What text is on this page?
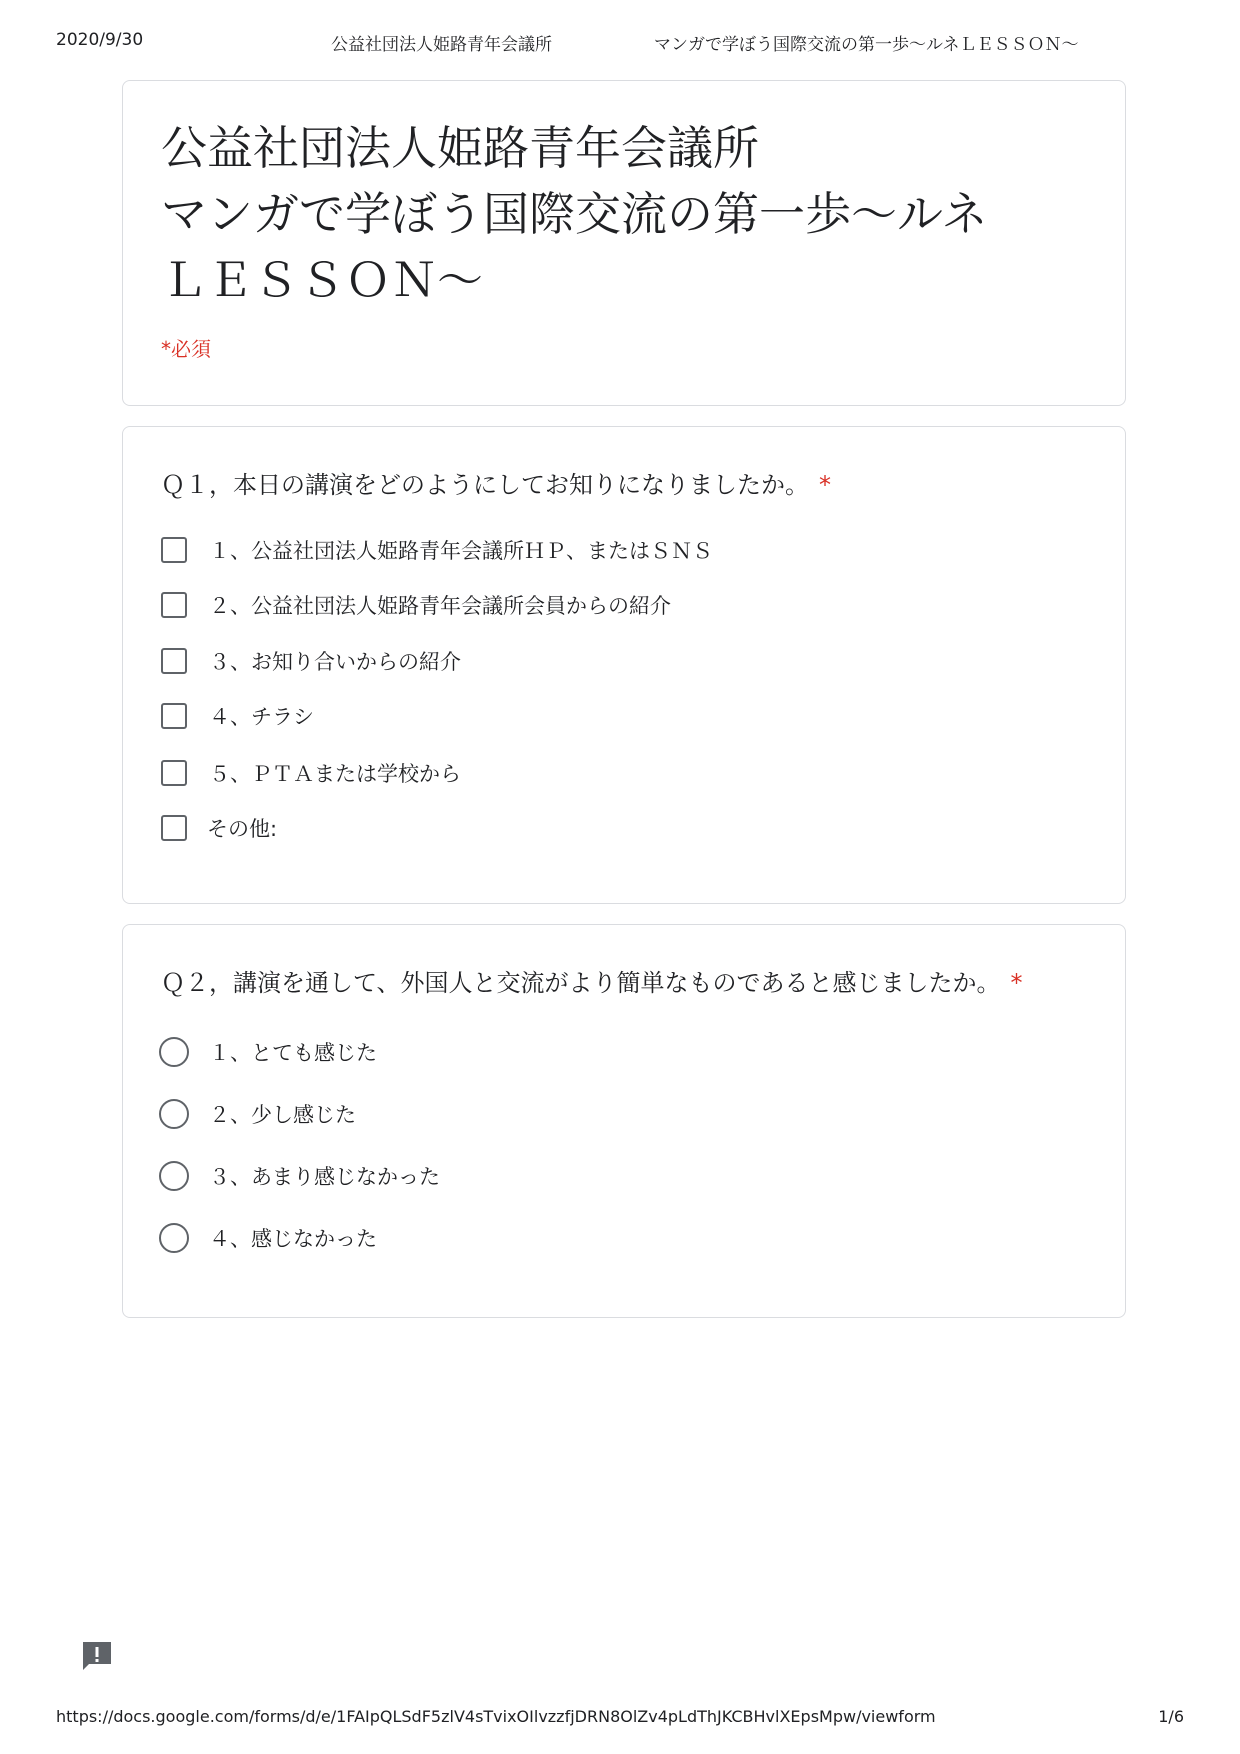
2020/9/30	公益社団法人姫路青年会議所　　　　　　マンガで学ぼう国際交流の第一歩～ルネＬＥＳＳＯＮ～
公益社団法人姫路青年会議所
マンガで学ぼう国際交流の第一歩～ルネ
ＬＥＳＳＯＮ～
*必須
Ｑ１，本日の講演をどのようにしてお知りになりましたか。 *
１、公益社団法人姫路青年会議所ＨＰ、またはＳＮＳ
２、公益社団法人姫路青年会議所会員からの紹介
３、お知り合いからの紹介
４、チラシ
５、ＰＴＡまたは学校から
その他:
Ｑ２，講演を通して、外国人と交流がより簡単なものであると感じましたか。 *
１、とても感じた
２、少し感じた
３、あまり感じなかった
４、感じなかった
https://docs.google.com/forms/d/e/1FAIpQLSdF5zlV4sTvixOIlvzzfjDRN8OlZv4pLdThJKCBHvlXEpsMpw/viewform	1/6
